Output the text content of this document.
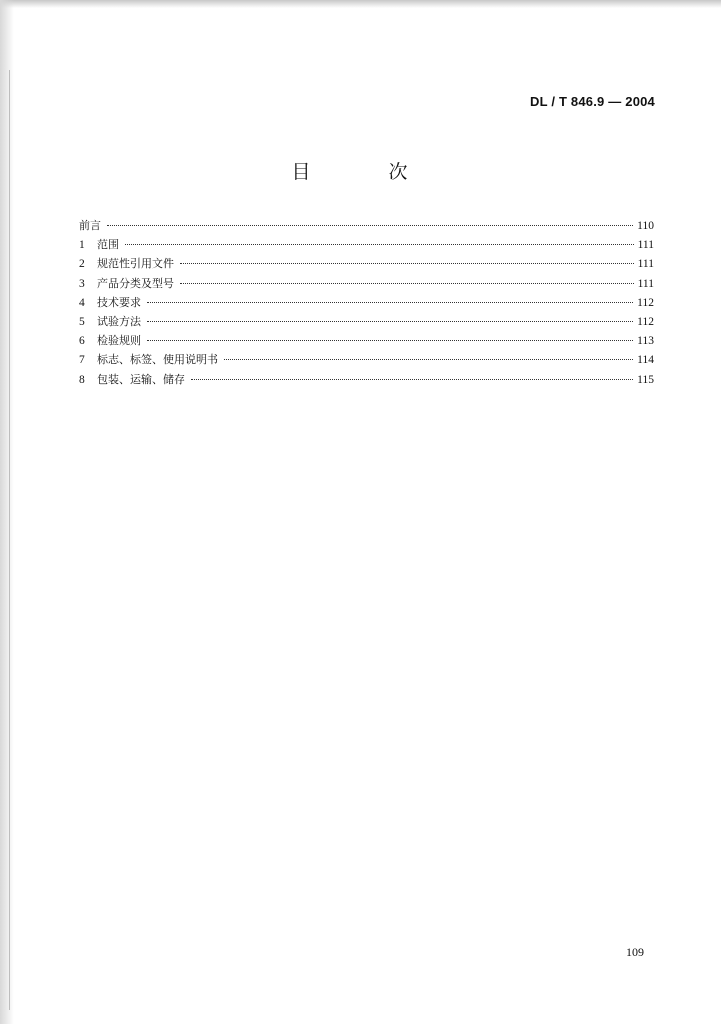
DL / T 846.9 — 2004
目 次
前言	110
1	范围	111
2	规范性引用文件	111
3	产品分类及型号	111
4	技术要求	112
5	试验方法	112
6	检验规则	113
7	标志、标签、使用说明书	114
8	包装、运输、储存	115
109
